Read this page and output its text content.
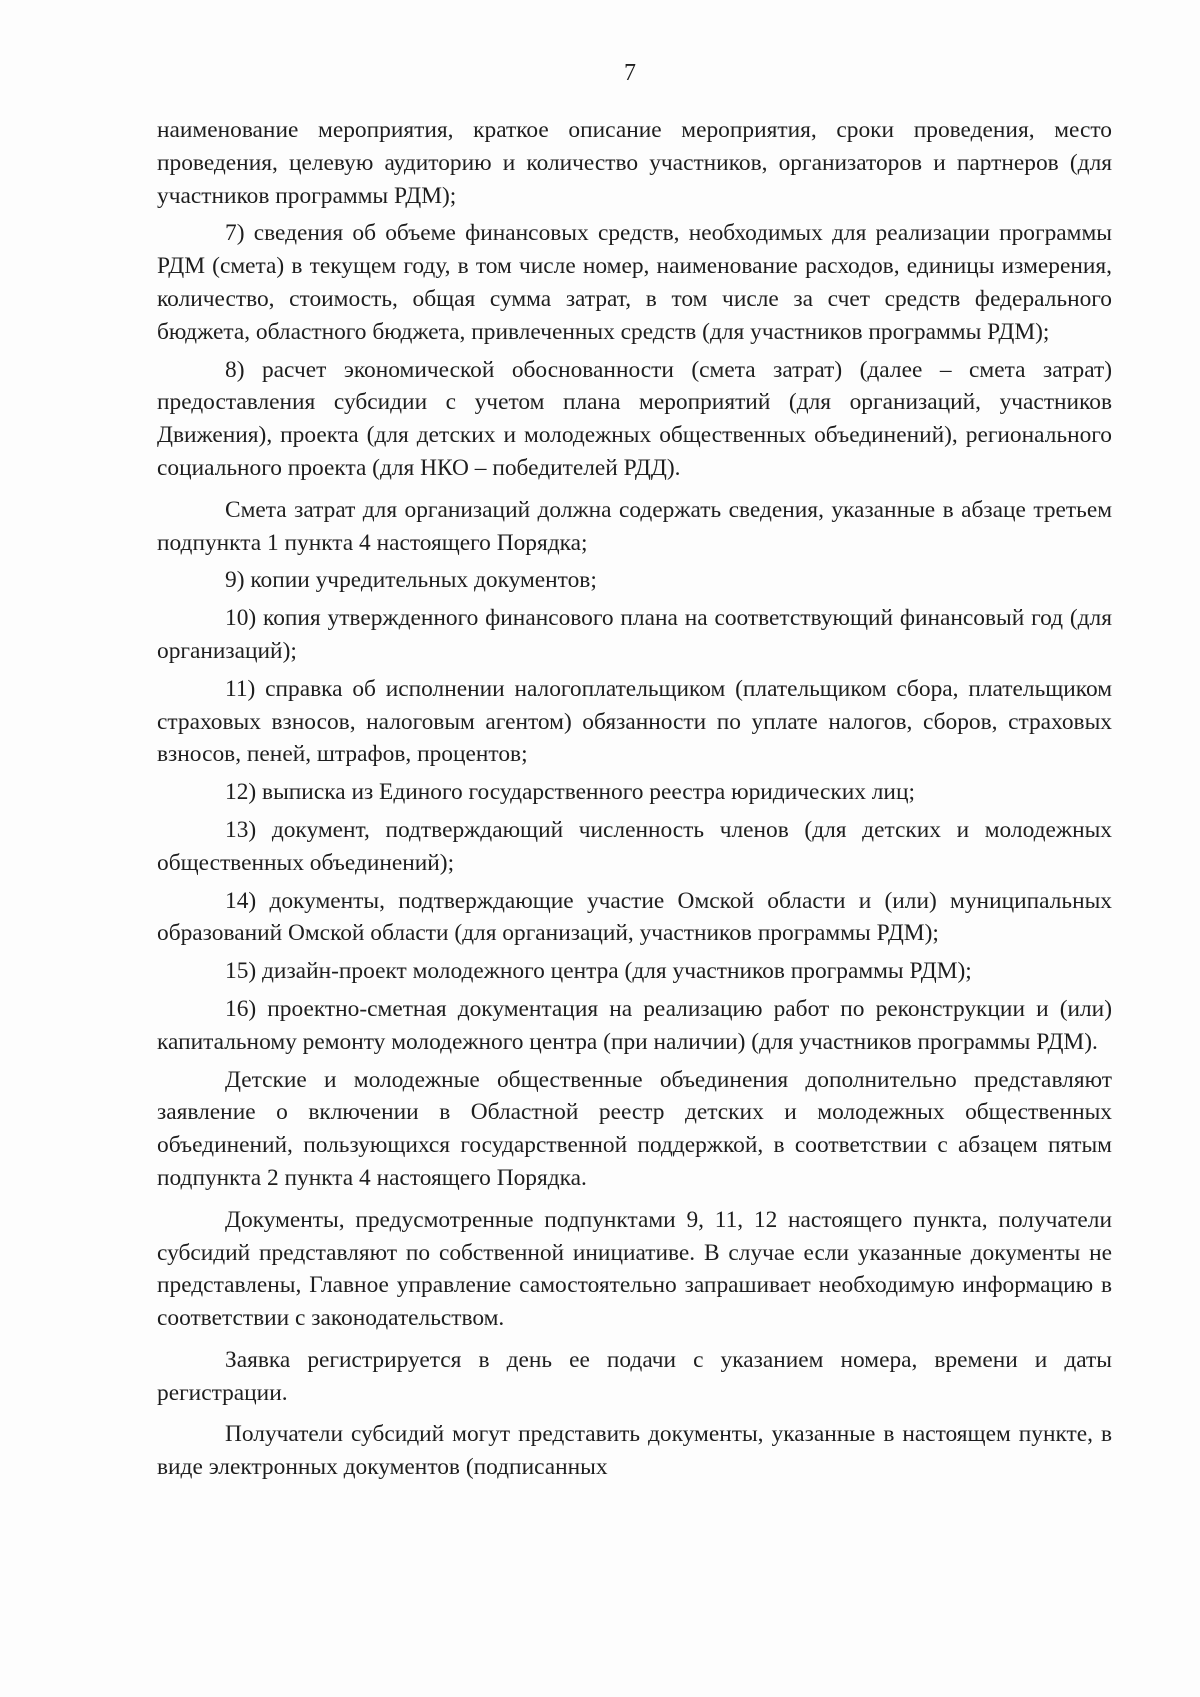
7

наименование мероприятия, краткое описание мероприятия, сроки проведения, место проведения, целевую аудиторию и количество участников, организаторов и партнеров (для участников программы РДМ);

7) сведения об объеме финансовых средств, необходимых для реализации программы РДМ (смета) в текущем году, в том числе номер, наименование расходов, единицы измерения, количество, стоимость, общая сумма затрат, в том числе за счет средств федерального бюджета, областного бюджета, привлеченных средств (для участников программы РДМ);

8) расчет экономической обоснованности (смета затрат) (далее – смета затрат) предоставления субсидии с учетом плана мероприятий (для организаций, участников Движения), проекта (для детских и молодежных общественных объединений), регионального социального проекта (для НКО – победителей РДД).

Смета затрат для организаций должна содержать сведения, указанные в абзаце третьем подпункта 1 пункта 4 настоящего Порядка;

9) копии учредительных документов;

10) копия утвержденного финансового плана на соответствующий финансовый год (для организаций);

11) справка об исполнении налогоплательщиком (плательщиком сбора, плательщиком страховых взносов, налоговым агентом) обязанности по уплате налогов, сборов, страховых взносов, пеней, штрафов, процентов;

12) выписка из Единого государственного реестра юридических лиц;

13) документ, подтверждающий численность членов (для детских и молодежных общественных объединений);

14) документы, подтверждающие участие Омской области и (или) муниципальных образований Омской области (для организаций, участников программы РДМ);

15) дизайн-проект молодежного центра (для участников программы РДМ);

16) проектно-сметная документация на реализацию работ по реконструкции и (или) капитальному ремонту молодежного центра (при наличии) (для участников программы РДМ).

Детские и молодежные общественные объединения дополнительно представляют заявление о включении в Областной реестр детских и молодежных общественных объединений, пользующихся государственной поддержкой, в соответствии с абзацем пятым подпункта 2 пункта 4 настоящего Порядка.

Документы, предусмотренные подпунктами 9, 11, 12 настоящего пункта, получатели субсидий представляют по собственной инициативе. В случае если указанные документы не представлены, Главное управление самостоятельно запрашивает необходимую информацию в соответствии с законодательством.

Заявка регистрируется в день ее подачи с указанием номера, времени и даты регистрации.

Получатели субсидий могут представить документы, указанные в настоящем пункте, в виде электронных документов (подписанных
